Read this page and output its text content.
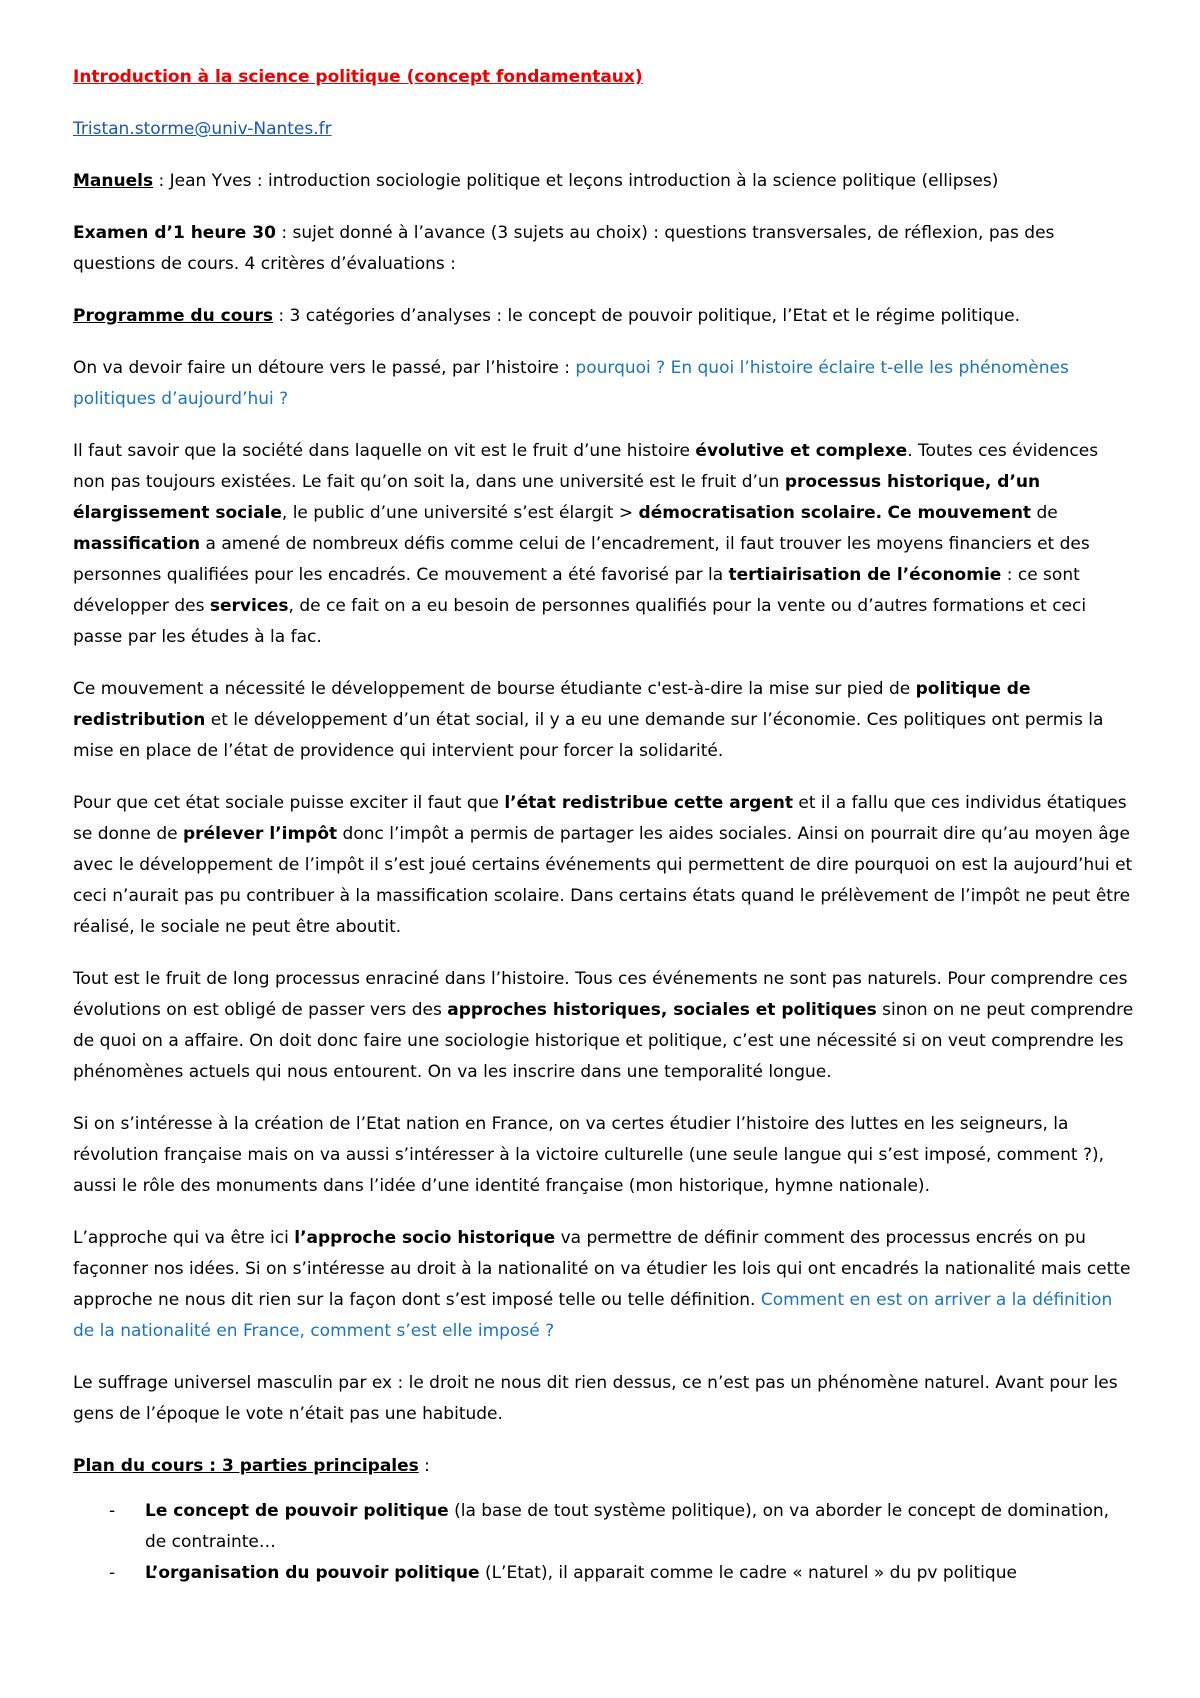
Introduction à la science politique (concept fondamentaux)

Tristan.storme@univ-Nantes.fr

Manuels : Jean Yves : introduction sociologie politique et leçons introduction à la science politique (ellipses)

Examen d’1 heure 30 : sujet donné à l’avance (3 sujets au choix) : questions transversales, de réflexion, pas des questions de cours. 4 critères d’évaluations :

Programme du cours : 3 catégories d’analyses : le concept de pouvoir politique, l’Etat et le régime politique.

On va devoir faire un détoure vers le passé, par l’histoire : pourquoi ? En quoi l’histoire éclaire t-elle les phénomènes politiques d’aujourd’hui ?

Il faut savoir que la société dans laquelle on vit est le fruit d’une histoire évolutive et complexe. Toutes ces évidences non pas toujours existées. Le fait qu’on soit la, dans une université est le fruit d’un processus historique, d’un élargissement sociale, le public d’une université s’est élargit > démocratisation scolaire. Ce mouvement de massification a amené de nombreux défis comme celui de l’encadrement, il faut trouver les moyens financiers et des personnes qualifiées pour les encadrés. Ce mouvement a été favorisé par la tertiairisation de l’économie : ce sont développer des services, de ce fait on a eu besoin de personnes qualifiés pour la vente ou d’autres formations et ceci passe par les études à la fac.

Ce mouvement a nécessité le développement de bourse étudiante c'est-à-dire la mise sur pied de politique de redistribution et le développement d’un état social, il y a eu une demande sur l’économie. Ces politiques ont permis la mise en place de l’état de providence qui intervient pour forcer la solidarité.

Pour que cet état sociale puisse exciter il faut que l’état redistribue cette argent et il a fallu que ces individus étatiques se donne de prélever l’impôt donc l’impôt a permis de partager les aides sociales. Ainsi on pourrait dire qu’au moyen âge avec le développement de l’impôt il s’est joué certains événements qui permettent de dire pourquoi on est la aujourd’hui et ceci n’aurait pas pu contribuer à la massification scolaire. Dans certains états quand le prélèvement de l’impôt ne peut être réalisé, le sociale ne peut être aboutit.

Tout est le fruit de long processus enraciné dans l’histoire. Tous ces événements ne sont pas naturels. Pour comprendre ces évolutions on est obligé de passer vers des approches historiques, sociales et politiques sinon on ne peut comprendre de quoi on a affaire. On doit donc faire une sociologie historique et politique, c’est une nécessité si on veut comprendre les phénomènes actuels qui nous entourent. On va les inscrire dans une temporalité longue.

Si on s’intéresse à la création de l’Etat nation en France, on va certes étudier l’histoire des luttes en les seigneurs, la révolution française mais on va aussi s’intéresser à la victoire culturelle (une seule langue qui s’est imposé, comment ?), aussi le rôle des monuments dans l’idée d’une identité française (mon historique, hymne nationale).

L’approche qui va être ici l’approche socio historique va permettre de définir comment des processus encrés on pu façonner nos idées. Si on s’intéresse au droit à la nationalité on va étudier les lois qui ont encadrés la nationalité mais cette approche ne nous dit rien sur la façon dont s’est imposé telle ou telle définition. Comment en est on arriver a la définition de la nationalité en France, comment s’est elle imposé ?

Le suffrage universel masculin par ex : le droit ne nous dit rien dessus, ce n’est pas un phénomène naturel. Avant pour les gens de l’époque le vote n’était pas une habitude.

Plan du cours : 3 parties principales :

- Le concept de pouvoir politique (la base de tout système politique), on va aborder le concept de domination, de contrainte…
- L’organisation du pouvoir politique (L’Etat), il apparait comme le cadre « naturel » du pv politique
